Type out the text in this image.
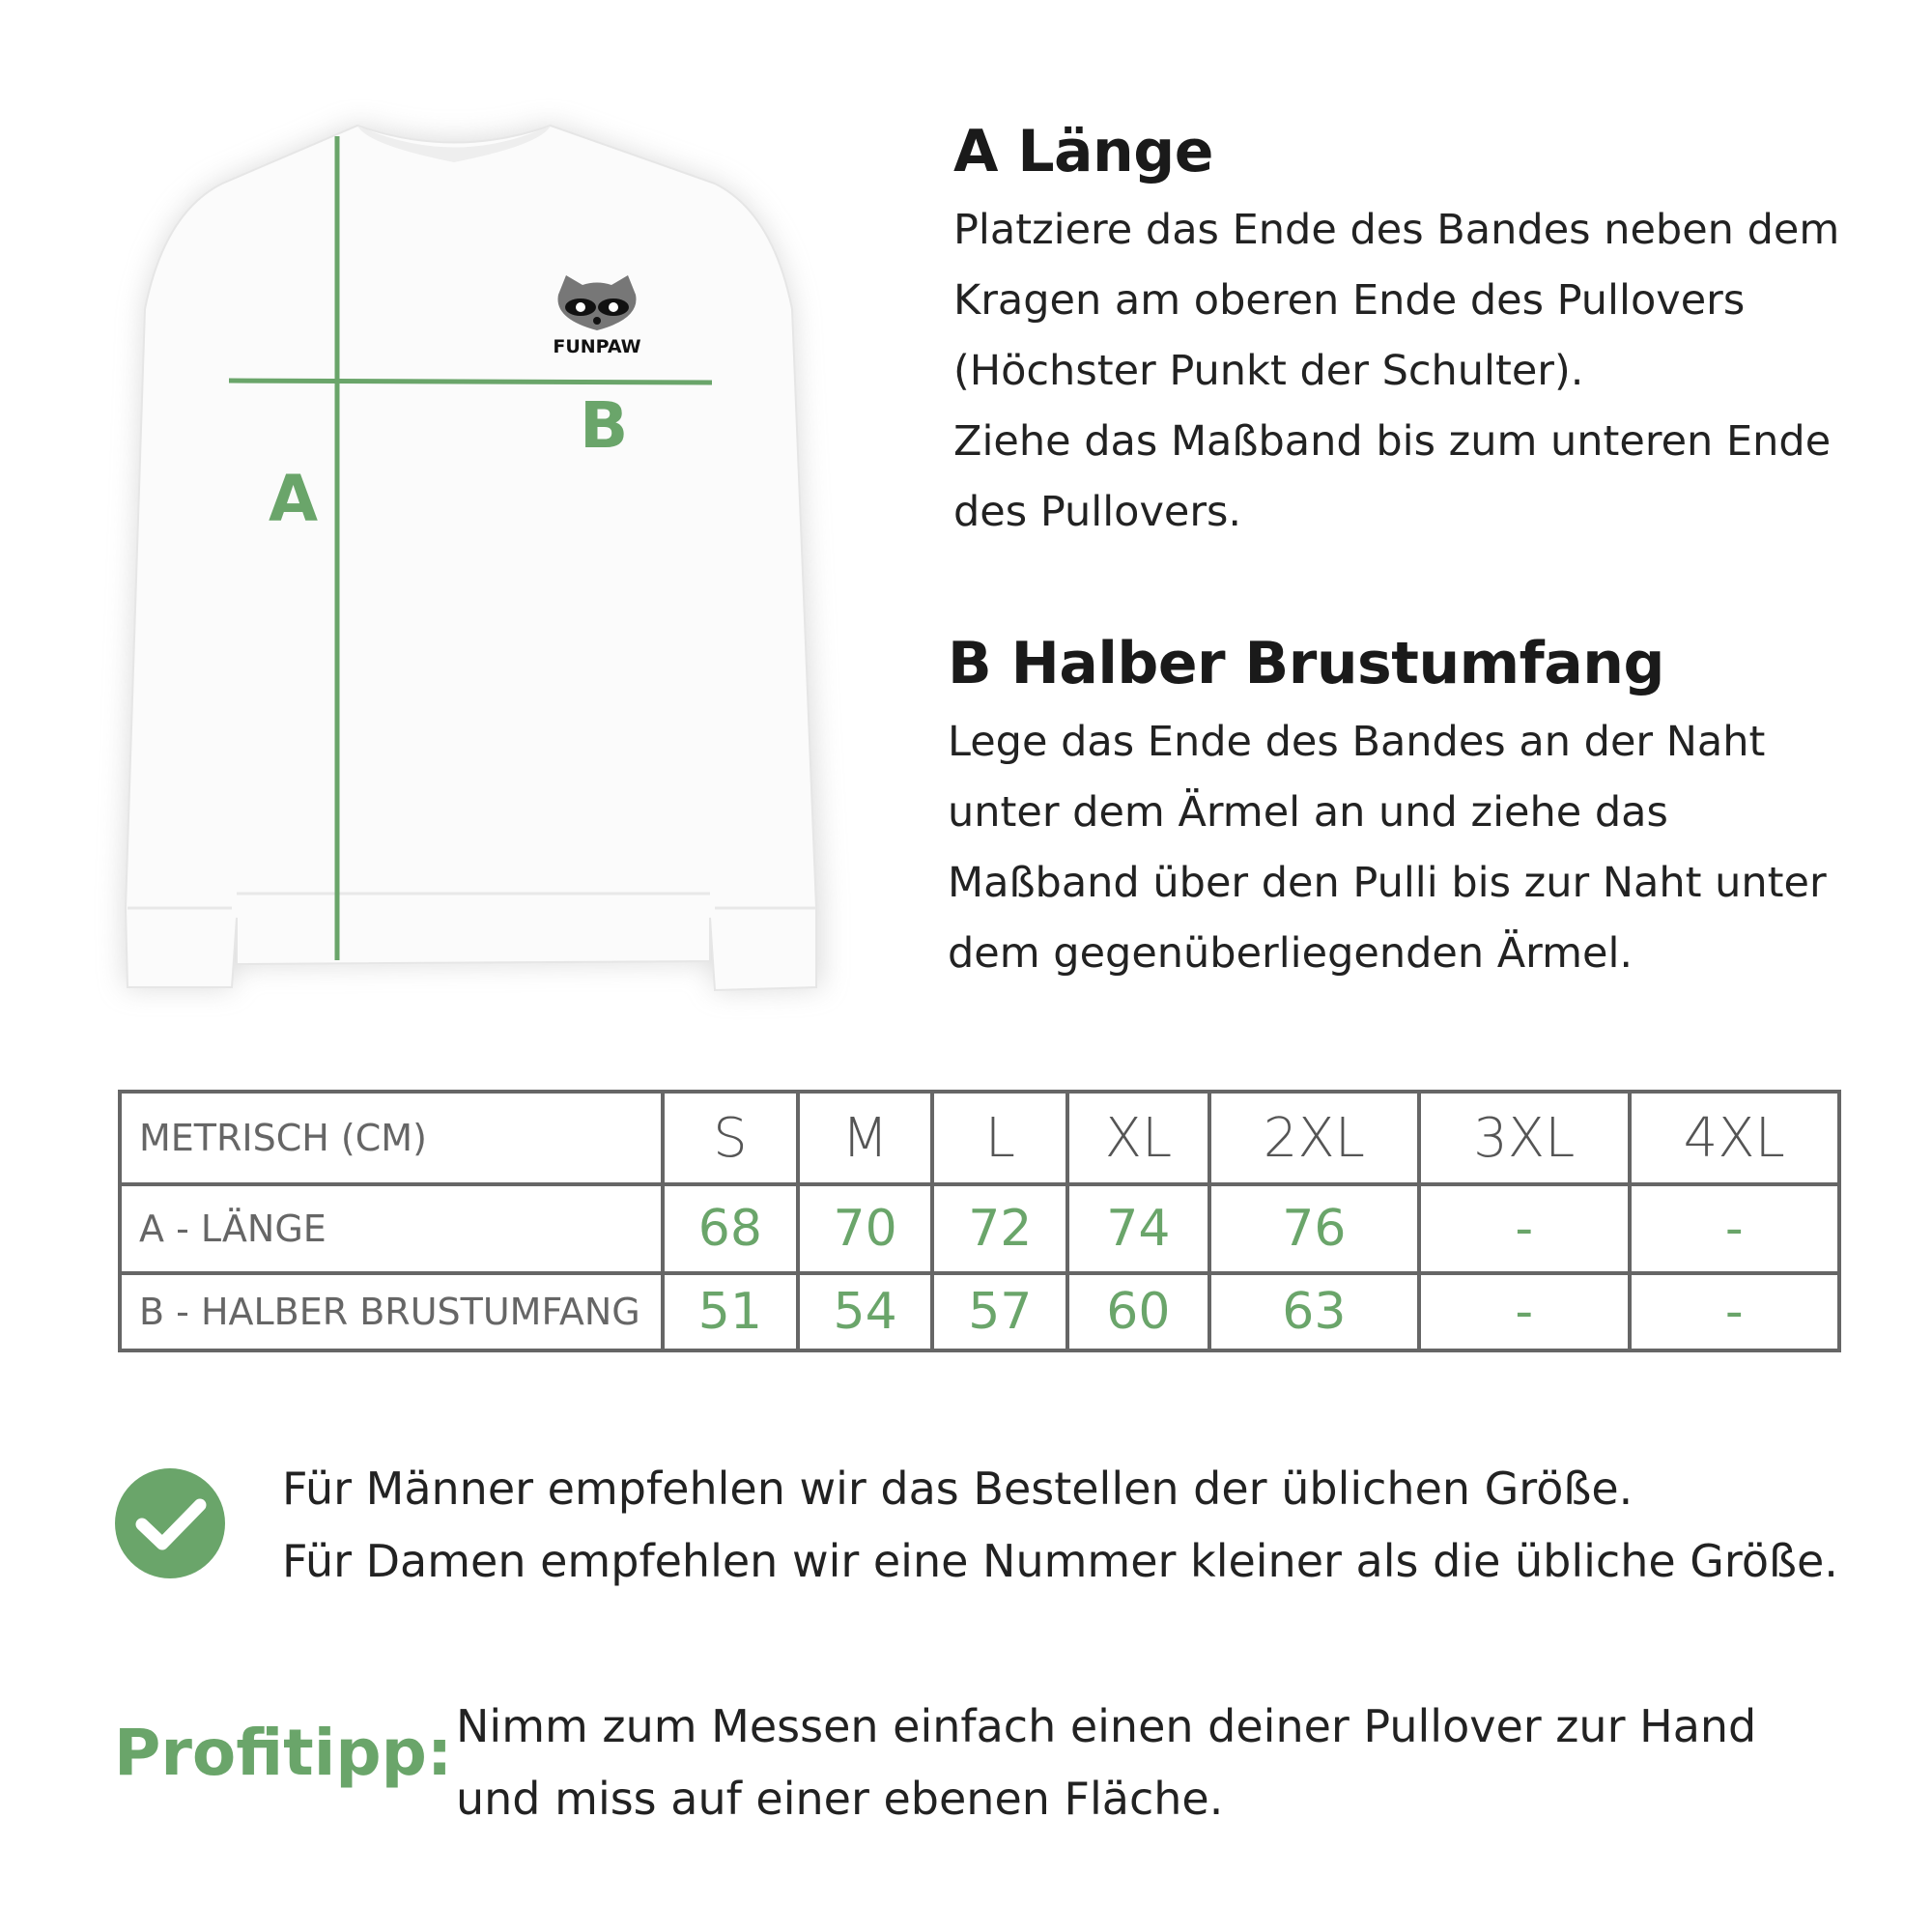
FUNPAW
A
B
A Länge

Platziere das Ende des Bandes neben dem

Kragen am oberen Ende des Pullovers

(Höchster Punkt der Schulter).

Ziehe das Maßband bis zum unteren Ende

des Pullovers.

B Halber Brustumfang

Lege das Ende des Bandes an der Naht

unter dem Ärmel an und ziehe das

Maßband über den Pulli bis zur Naht unter

dem gegenüberliegenden Ärmel.

METRISCH (CM)	S	M	L	XL	2XL	3XL	4XL
A - LÄNGE	68	70	72	74	76	-	-
B - HALBER BRUSTUMFANG	51	54	57	60	63	-	-
Für Männer empfehlen wir das Bestellen der üblichen Größe.
Für Damen empfehlen wir eine Nummer kleiner als die übliche Größe.
Profitipp: Nimm zum Messen einfach einen deiner Pullover zur Hand
und miss auf einer ebenen Fläche.
